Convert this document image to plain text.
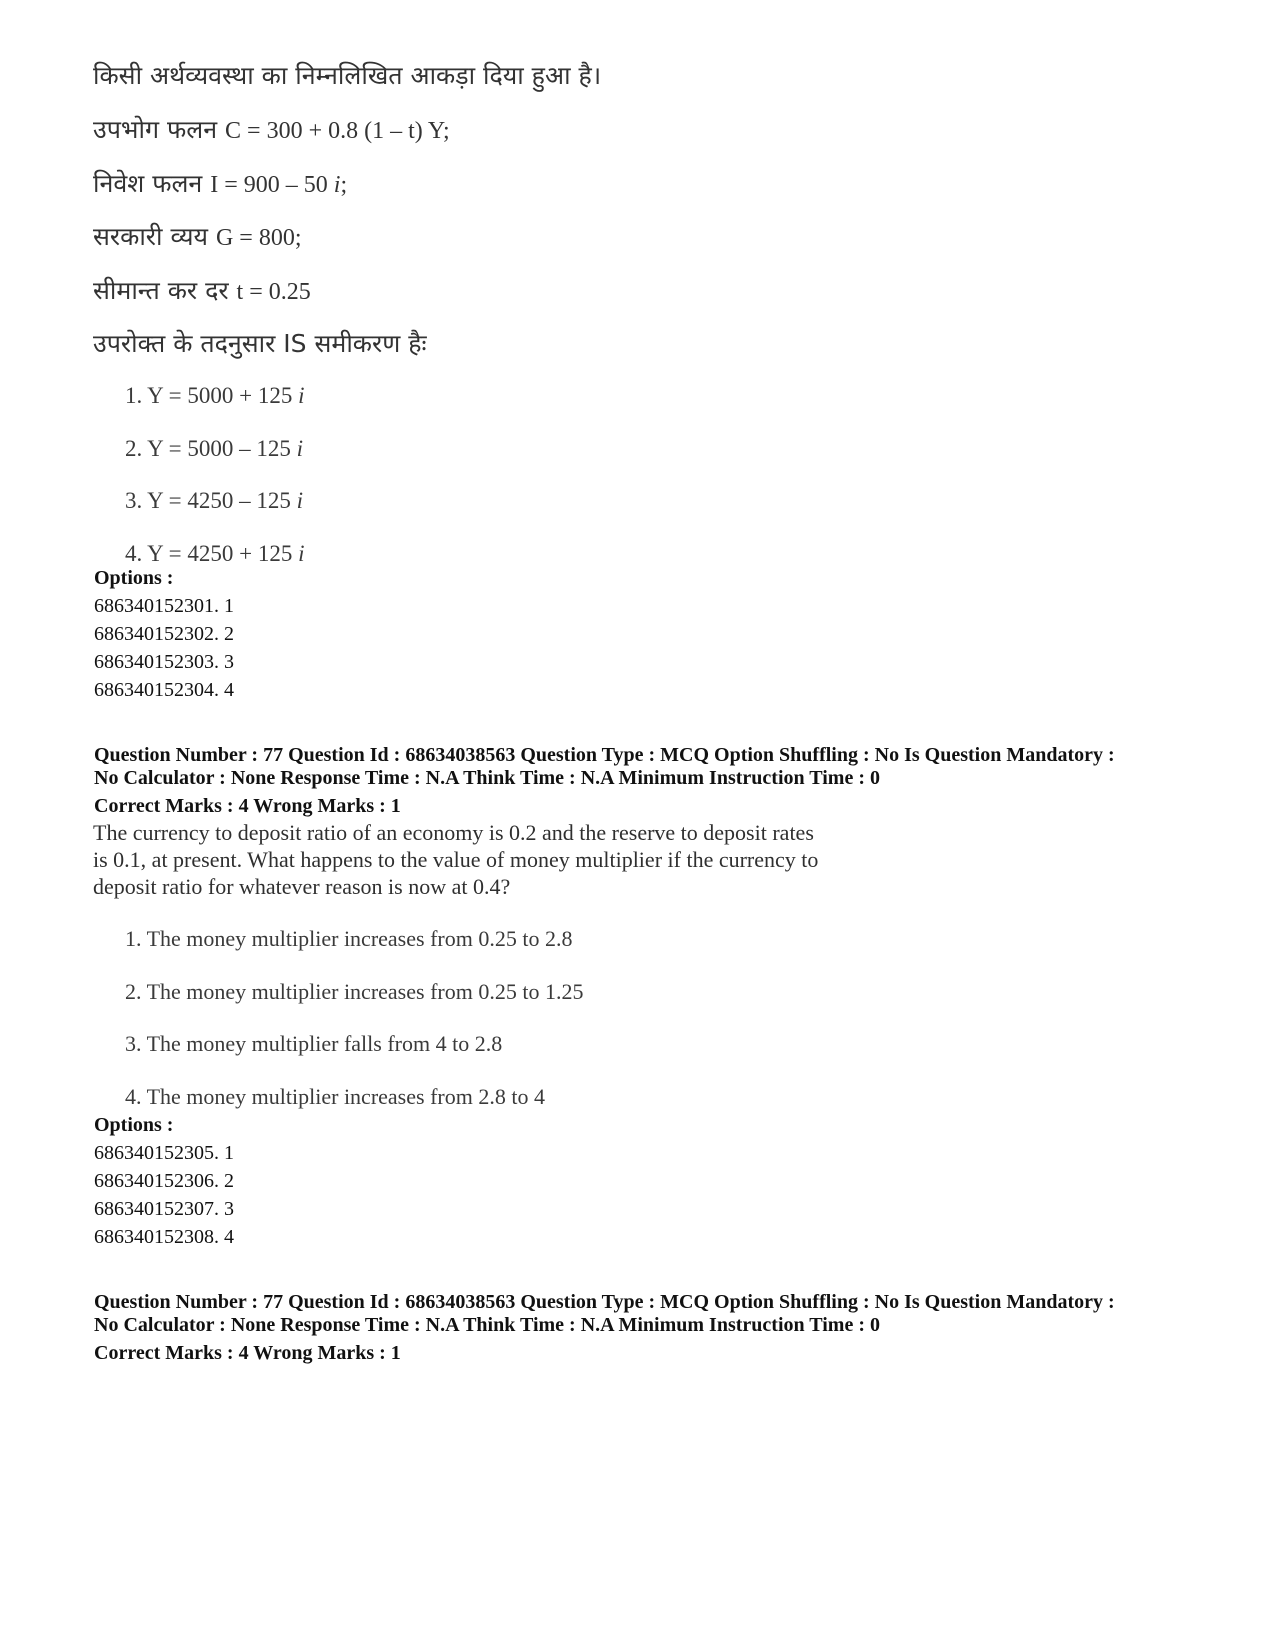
किसी अर्थव्यवस्था का निम्नलिखित आकड़ा दिया हुआ है।
उपभोग फलन C = 300 + 0.8 (1 – t) Y;
निवेश फलन I = 900 – 50 i;
सरकारी व्यय G = 800;
सीमान्त कर दर t = 0.25
उपरोक्त के तदनुसार IS समीकरण हैः
1. Y = 5000 + 125 i
2. Y = 5000 – 125 i
3. Y = 4250 – 125 i
4. Y = 4250 + 125 i
Options :
686340152301. 1
686340152302. 2
686340152303. 3
686340152304. 4
Question Number : 77 Question Id : 68634038563 Question Type : MCQ Option Shuffling : No Is Question Mandatory :
No Calculator : None Response Time : N.A Think Time : N.A Minimum Instruction Time : 0
Correct Marks : 4 Wrong Marks : 1
The currency to deposit ratio of an economy is 0.2 and the reserve to deposit rates
is 0.1, at present. What happens to the value of money multiplier if the currency to
deposit ratio for whatever reason is now at 0.4?
1. The money multiplier increases from 0.25 to 2.8
2. The money multiplier increases from 0.25 to 1.25
3. The money multiplier falls from 4 to 2.8
4. The money multiplier increases from 2.8 to 4
Options :
686340152305. 1
686340152306. 2
686340152307. 3
686340152308. 4
Question Number : 77 Question Id : 68634038563 Question Type : MCQ Option Shuffling : No Is Question Mandatory :
No Calculator : None Response Time : N.A Think Time : N.A Minimum Instruction Time : 0
Correct Marks : 4 Wrong Marks : 1
